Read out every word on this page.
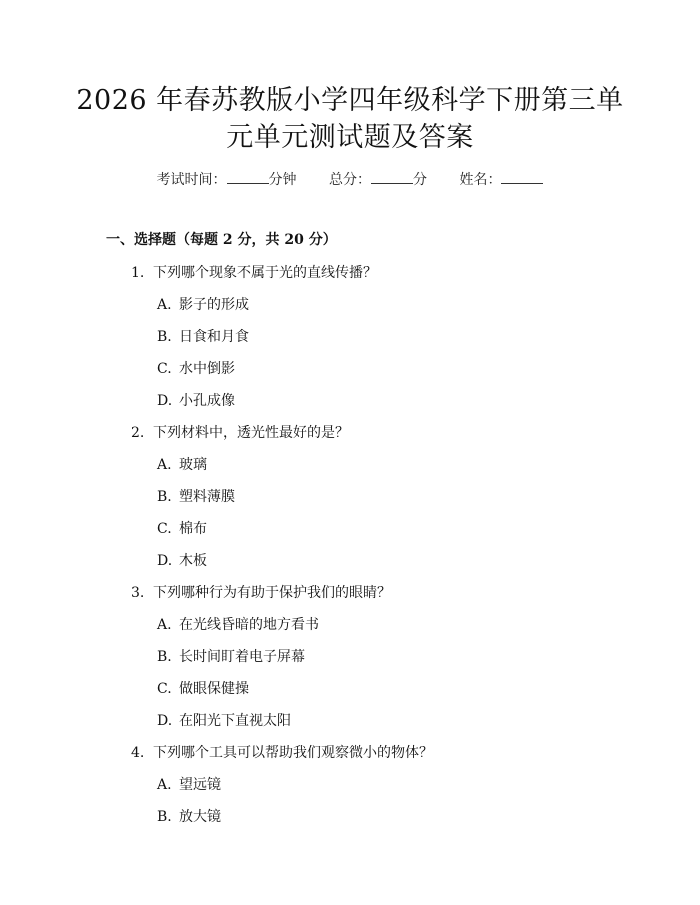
2026 年春苏教版小学四年级科学下册第三单
元单元测试题及答案
考试时间：	分钟 总分：	分 姓名：
一、选择题（每题 2 分，共 20 分）
1. 下列哪个现象不属于光的直线传播？
A. 影子的形成
B. 日食和月食
C. 水中倒影
D. 小孔成像
2. 下列材料中，透光性最好的是？
A. 玻璃
B. 塑料薄膜
C. 棉布
D. 木板
3. 下列哪种行为有助于保护我们的眼睛？
A. 在光线昏暗的地方看书
B. 长时间盯着电子屏幕
C. 做眼保健操
D. 在阳光下直视太阳
4. 下列哪个工具可以帮助我们观察微小的物体？
A. 望远镜
B. 放大镜
